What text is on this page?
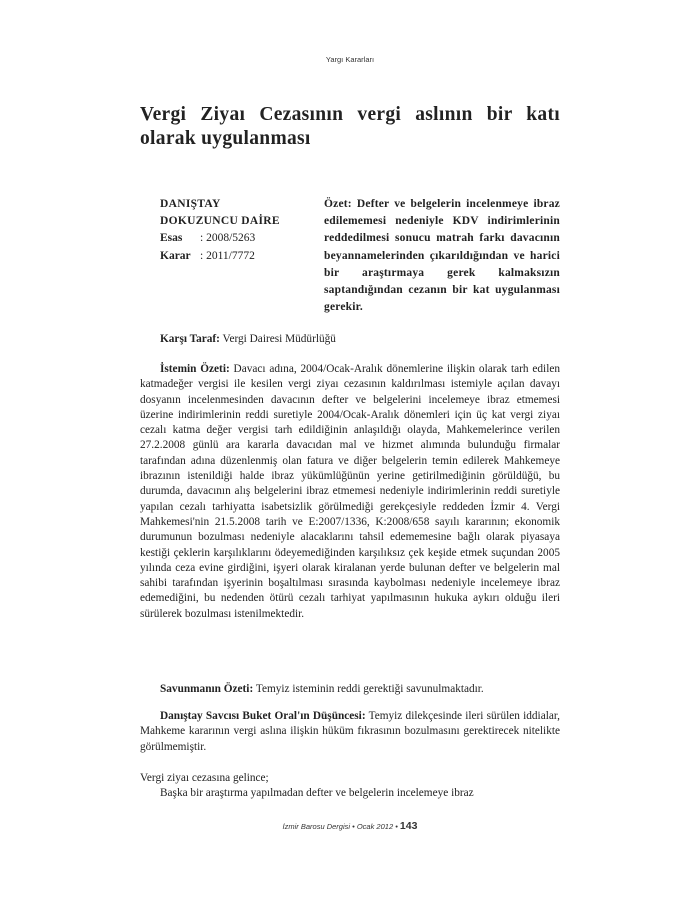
Yargı Kararları
Vergi Ziyaı Cezasının vergi aslının bir katı olarak uygulanması
DANIŞTAY
DOKUZUNCU DAİRE
Esas	: 2008/5263
Karar : 2011/7772

Özet: Defter ve belgelerin incelenmeye ibraz edilememesi nedeniyle KDV indirimlerinin reddedilmesi sonucu matrah farkı davacının beyannamelerinden çıkarıldığından ve harici bir araştırmaya gerek kalmaksızın saptandığından cezanın bir kat uygulanması gerekir.

Karşı Taraf: Vergi Dairesi Müdürlüğü

İstemin Özeti: Davacı adına, 2004/Ocak-Aralık dönemlerine ilişkin olarak tarh edilen katmadeğer vergisi ile kesilen vergi ziyaı cezasının kaldırılması istemiyle açılan davayı dosyanın incelenmesinden davacının defter ve belgelerini incelemeye ibraz etmemesi üzerine indirimlerinin reddi suretiyle 2004/Ocak-Aralık dönemleri için üç kat vergi ziyaı cezalı katma değer vergisi tarh edildiğinin anlaşıldığı olayda, Mahkemelerince verilen 27.2.2008 günlü ara kararla davacıdan mal ve hizmet alımında bulunduğu firmalar tarafından adına düzenlenmiş olan fatura ve diğer belgelerin temin edilerek Mahkemeye ibrazının istenildiği halde ibraz yükümlüğünün yerine getirilmediğinin görüldüğü, bu durumda, davacının alış belgelerini ibraz etmemesi nedeniyle indirimlerinin reddi suretiyle yapılan cezalı tarhiyatta isabetsizlik görülmediği gerekçesiyle reddeden İzmir 4. Vergi Mahkemesi'nin 21.5.2008 tarih ve E:2007/1336, K:2008/658 sayılı kararının; ekonomik durumunun bozulması nedeniyle alacaklarını tahsil edememesine bağlı olarak piyasaya kestiği çeklerin karşılıklarını ödeyemediğinden karşılıksız çek keşide etmek suçundan 2005 yılında ceza evine girdiğini, işyeri olarak kiralanan yerde bulunan defter ve belgelerin mal sahibi tarafından işyerinin boşaltılması sırasında kaybolması nedeniyle incelemeye ibraz edemediğini, bu nedenden ötürü cezalı tarhiyat yapılmasının hukuka aykırı olduğu ileri sürülerek bozulması istenilmektedir.

Savunmanın Özeti: Temyiz isteminin reddi gerektiği savunulmaktadır.

Danıştay Savcısı Buket Oral'ın Düşüncesi: Temyiz dilekçesinde ileri sürülen iddialar, Mahkeme kararının vergi aslına ilişkin hüküm fıkrasının bozulmasını gerektirecek nitelikte görülmemiştir.

Vergi ziyaı cezasına gelince;
Başka bir araştırma yapılmadan defter ve belgelerin incelemeye ibraz
İzmir Barosu Dergisi • Ocak 2012 • 143
